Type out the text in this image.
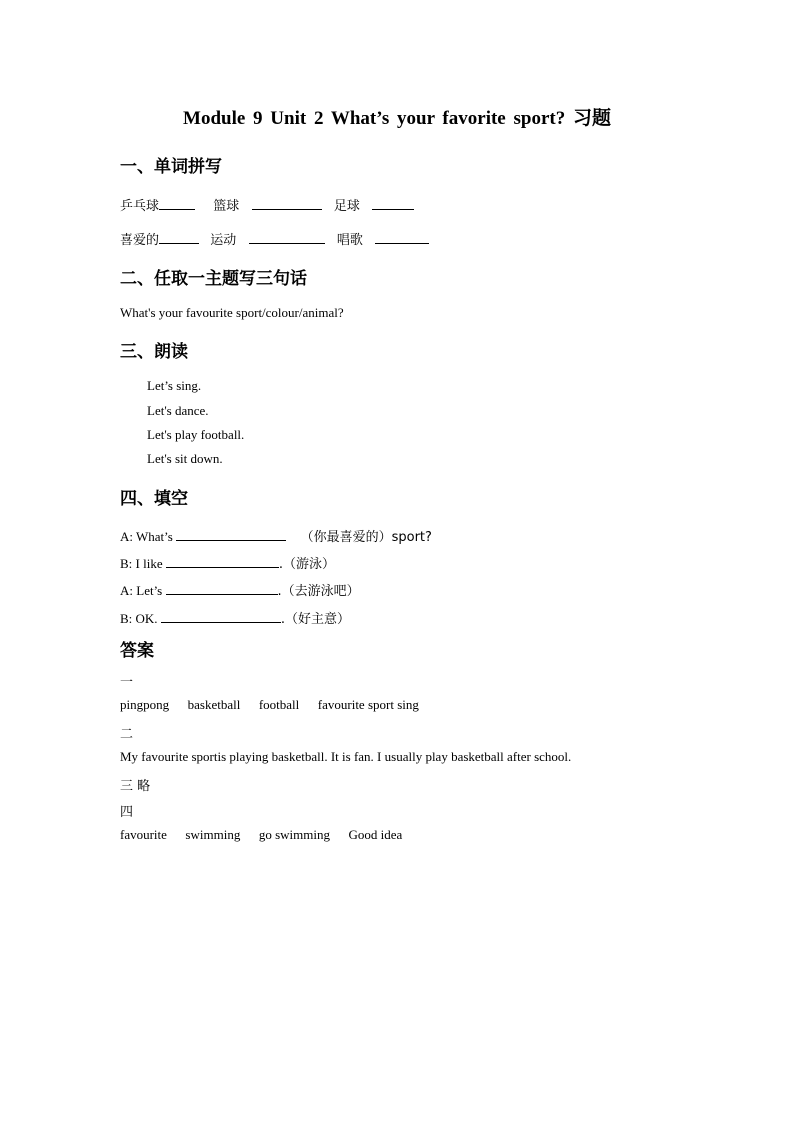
Module 9 Unit 2 What’s your favorite sport? 习题
一、单词拼写
乒乓球	篮球	足球
喜爱的	运动	唱歌
二、任取一主题写三句话
What's your favourite sport/colour/animal?
三、朗读
Let’s sing.
Let's dance.
Let's play football.
Let's sit down.
四、填空
A: What’s	（你最喜爱的）sport?
B: I like	.（游泳）
A: Let’s	.（去游泳吧）
B: OK.	.（好主意）
答案
一
pingpong basketball football favourite sport sing
二
My favourite sportis playing basketball. It is fan. I usually play basketball after school.
三 略
四
favourite swimming go swimming Good idea
